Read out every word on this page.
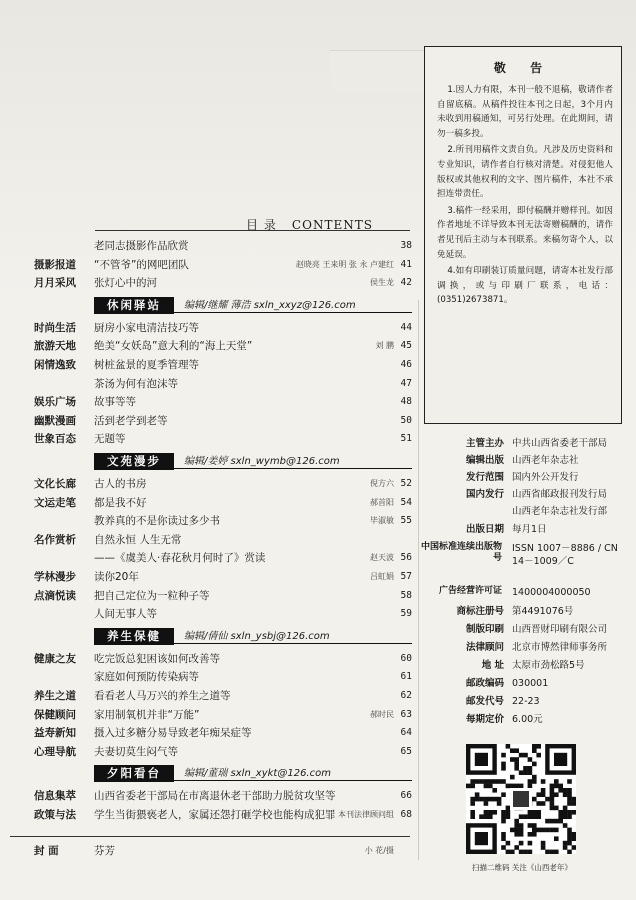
目 录 CONTENTS
老同志摄影作品欣赏	38
摄影报道	“不管爷”的网吧团队	赵晓亮 王来明 张 永 卢建红 41
月月采风	张灯心中的河	侯生龙 42
休闲驿站	编辑/继耀 薄浩 sxln_xxyz@126.com
时尚生活	厨房小家电清洁技巧等	44
旅游天地	绝美“女妖岛”意大利的“海上天堂”	刘 鹏 45
闲情逸致	树桩盆景的夏季管理等	46
茶汤为何有泡沫等	47
娱乐广场	故事等等	48
幽默漫画	活到老学到老等	50
世象百态	无题等	51
文苑漫步	编辑/姜婷 sxln_wymb@126.com
文化长廊	古人的书房	倪方六 52
文运走笔	都是我不好	郝首阳 54
教养真的不是你读过多少书	毕淑敏 55
名作赏析	自然永恒 人生无常
——《虞美人·春花秋月何时了》赏读	赵天波 56
学林漫步	读你20年	吕虹娟 57
点滴悦读	把自己定位为一粒种子等	58
人间无事人等	59
养生保健	编辑/倩仙 sxln_ysbj@126.com
健康之友	吃完饭总犯困该如何改善等	60
家庭如何预防传染病等	61
养生之道	看看老人马万兴的养生之道等	62
保健顾问	家用制氧机并非“万能”	郝时民 63
益寿新知	摄入过多糖分易导致老年痴呆症等	64
心理导航	夫妻切莫生闷气等	65
夕阳看台	编辑/董瑞 sxln_xykt@126.com
信息集萃	山西省委老干部局在市离退休老干部助力脱贫攻坚等	66
政策与法	学生当街猥亵老人，家属还怨打砸学校也能构成犯罪 本刊法律顾问组 68
封 面	芬芳	小 花/摄
敬 告

1.因人力有限，本刊一般不退稿，敬请作者自留底稿。从稿件投往本刊之日起，3个月内未收到用稿通知，可另行处理。在此期间，请勿一稿多投。

2.所刊用稿件文责自负。凡涉及历史资料和专业知识，请作者自行核对清楚。对侵犯他人版权或其他权利的文字、图片稿件，本社不承担连带责任。

3.稿件一经采用，即付稿酬并赠样刊。如因作者地址不详导致本刊无法寄赠稿酬的，请作者见刊后主动与本刊联系。来稿勿寄个人，以免延误。

4.如有印刷装订质量问题，请寄本社发行部调换，或与印刷厂联系，电话：(0351)2673871。

主管主办 中共山西省委老干部局
编辑出版 山西老年杂志社
发行范围 国内外公开发行
国内发行 山西省邮政报刊发行局
山西老年杂志社发行部
出版日期 每月1日
中国标准连续出版物号
ISSN 1007－8886 / CN 14－1009／C
广告经营许可证 1400004000050
商标注册号 第4491076号
制版印刷 山西晋财印刷有限公司
法律顾问 北京市博然律师事务所
地 址 太原市劲松路5号
邮政编码 030001
邮发代号 22-23
每期定价 6.00元
扫描二维码 关注《山西老年》
